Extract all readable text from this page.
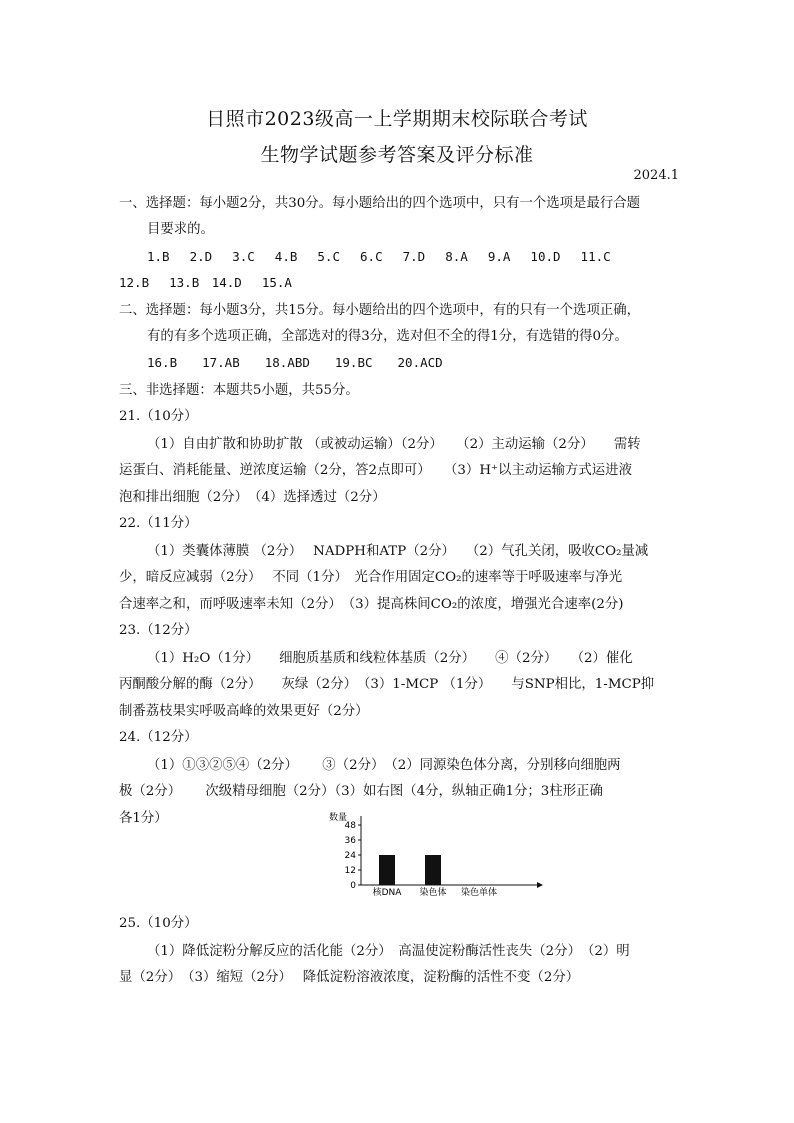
日照市2023级高一上学期期末校际联合考试
生物学试题参考答案及评分标准
2024.1
一、选择题：每小题2分，共30分。每小题给出的四个选项中，只有一个选项是最行合题
目要求的。
1.B　 2.D　 3.C　 4.B　 5.C　 6.C　 7.D　 8.A　 9.A　 10.D　 11.C
12.B　 13.B　14.D　 15.A
二、选择题：每小题3分，共15分。每小题给出的四个选项中，有的只有一个选项正确，
有的有多个选项正确，全部选对的得3分，选对但不全的得1分，有选错的得0分。
16.B　　17.AB　　18.ABD　　19.BC　　20.ACD
三、非选择题：本题共5小题，共55分。
21.（10分）
（1）自由扩散和协助扩散 （或被动运输）（2分）　　（2）主动运输（2分）　　需转
运蛋白、消耗能量、逆浓度运输（2分，答2点即可）　　（3）H⁺以主动运输方式运进液
泡和排出细胞（2分）　（4）选择透过（2分）
22.（11分）
（1）类囊体薄膜 （2分）　 NADPH和ATP（2分）　 （2）气孔关闭，吸收CO₂量减
少，暗反应减弱（2分）　 不同（1分）　光合作用固定CO₂的速率等于呼吸速率与净光
合速率之和，而呼吸速率未知（2分）　（3）提高株间CO₂的浓度，增强光合速率(2分)
23.（12分）
（1）H₂O（1分）　　细胞质基质和线粒体基质（2分）　　④（2分）　　（2）催化
丙酮酸分解的酶（2分）　　灰绿（2分）　（3）1-MCP （1分）　　与SNP相比，1-MCP抑
制番荔枝果实呼吸高峰的效果更好（2分）
24.（12分）
（1）①③②⑤④（2分）　　 ③（2分）　（2）同源染色体分离，分别移向细胞两
极（2分）　　 次级精母细胞（2分）（3）如右图（4分，纵轴正确1分；3柱形正确
各1分）	数量
48
36
24
12
0
核DNA 染色体 染色单体
25.（10分）
（1）降低淀粉分解反应的活化能（2分）　高温使淀粉酶活性丧失（2分）　（2）明
显（2分）　（3）缩短（2分）　 降低淀粉溶液浓度，淀粉酶的活性不变（2分）
